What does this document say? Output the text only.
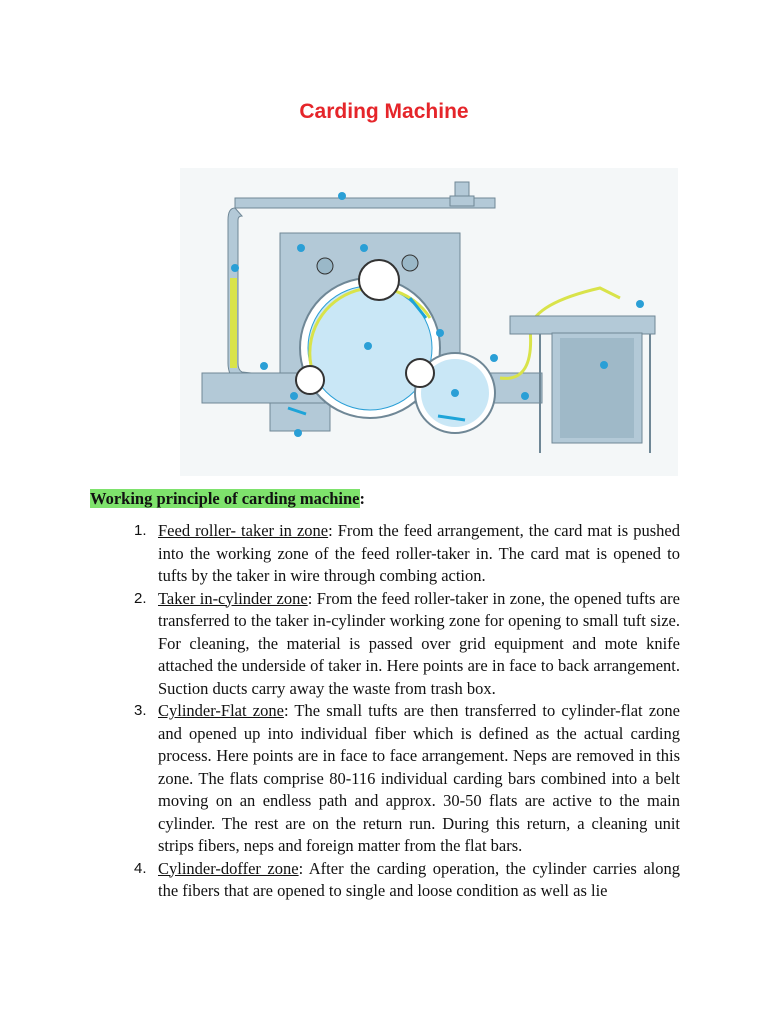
Carding Machine
Working principle of carding machine:
1. Feed roller- taker in zone: From the feed arrangement, the card mat is pushed into the working zone of the feed roller-taker in. The card mat is opened to tufts by the taker in wire through combing action.
2. Taker in-cylinder zone: From the feed roller-taker in zone, the opened tufts are transferred to the taker in-cylinder working zone for opening to small tuft size. For cleaning, the material is passed over grid equipment and mote knife attached the underside of taker in. Here points are in face to back arrangement. Suction ducts carry away the waste from trash box.
3. Cylinder-Flat zone: The small tufts are then transferred to cylinder-flat zone and opened up into individual fiber which is defined as the actual carding process. Here points are in face to face arrangement. Neps are removed in this zone. The flats comprise 80-116 individual carding bars combined into a belt moving on an endless path and approx. 30-50 flats are active to the main cylinder. The rest are on the return run. During this return, a cleaning unit strips fibers, neps and foreign matter from the flat bars.
4. Cylinder-doffer zone: After the carding operation, the cylinder carries along the fibers that are opened to single and loose condition as well as lie
